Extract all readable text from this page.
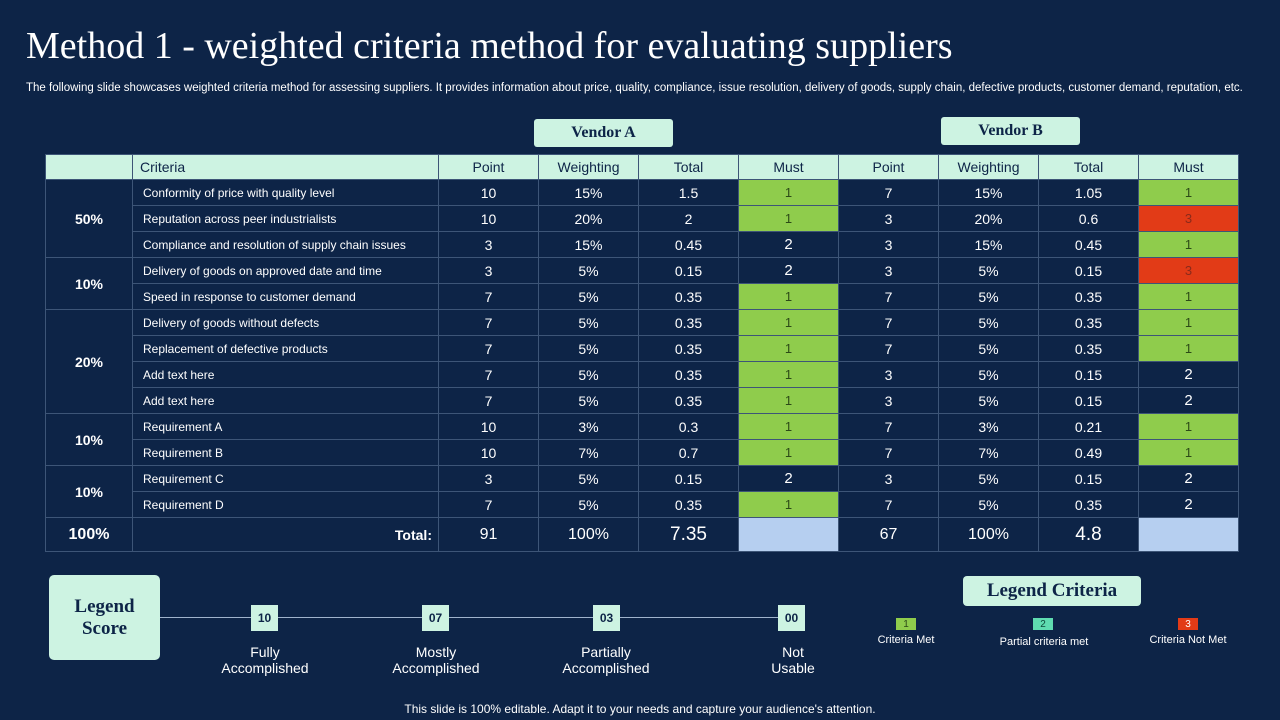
Method 1 - weighted criteria method for evaluating suppliers
The following slide showcases weighted criteria method for assessing suppliers. It provides information about price, quality, compliance, issue resolution, delivery of goods, supply chain, defective products, customer demand, reputation, etc.
Vendor A	Vendor B
	Criteria	Point	Weighting	Total	Must	Point	Weighting	Total	Must
50%	Conformity of price with quality level	10	15%	1.5	1	7	15%	1.05	1
	Reputation across peer industrialists	10	20%	2	1	3	20%	0.6	3
	Compliance and resolution of supply chain issues	3	15%	0.45	2	3	15%	0.45	1
10%	Delivery of goods on approved date and time	3	5%	0.15	2	3	5%	0.15	3
	Speed in response to customer demand	7	5%	0.35	1	7	5%	0.35	1
20%	Delivery of goods without defects	7	5%	0.35	1	7	5%	0.35	1
	Replacement of defective products	7	5%	0.35	1	7	5%	0.35	1
	Add text here	7	5%	0.35	1	3	5%	0.15	2
	Add text here	7	5%	0.35	1	3	5%	0.15	2
10%	Requirement A	10	3%	0.3	1	7	3%	0.21	1
	Requirement B	10	7%	0.7	1	7	7%	0.49	1
10%	Requirement C	3	5%	0.15	2	3	5%	0.15	2
	Requirement D	7	5%	0.35	1	7	5%	0.35	2
100%	Total:	91	100%	7.35		67	100%	4.8	
Legend
Score	10	07	03	00
Fully
Accomplished
Mostly
Accomplished
Partially
Accomplished
Not
Usable
Legend Criteria
1	2	3
Criteria Met	Partial criteria met	Criteria Not Met
This slide is 100% editable. Adapt it to your needs and capture your audience's attention.
